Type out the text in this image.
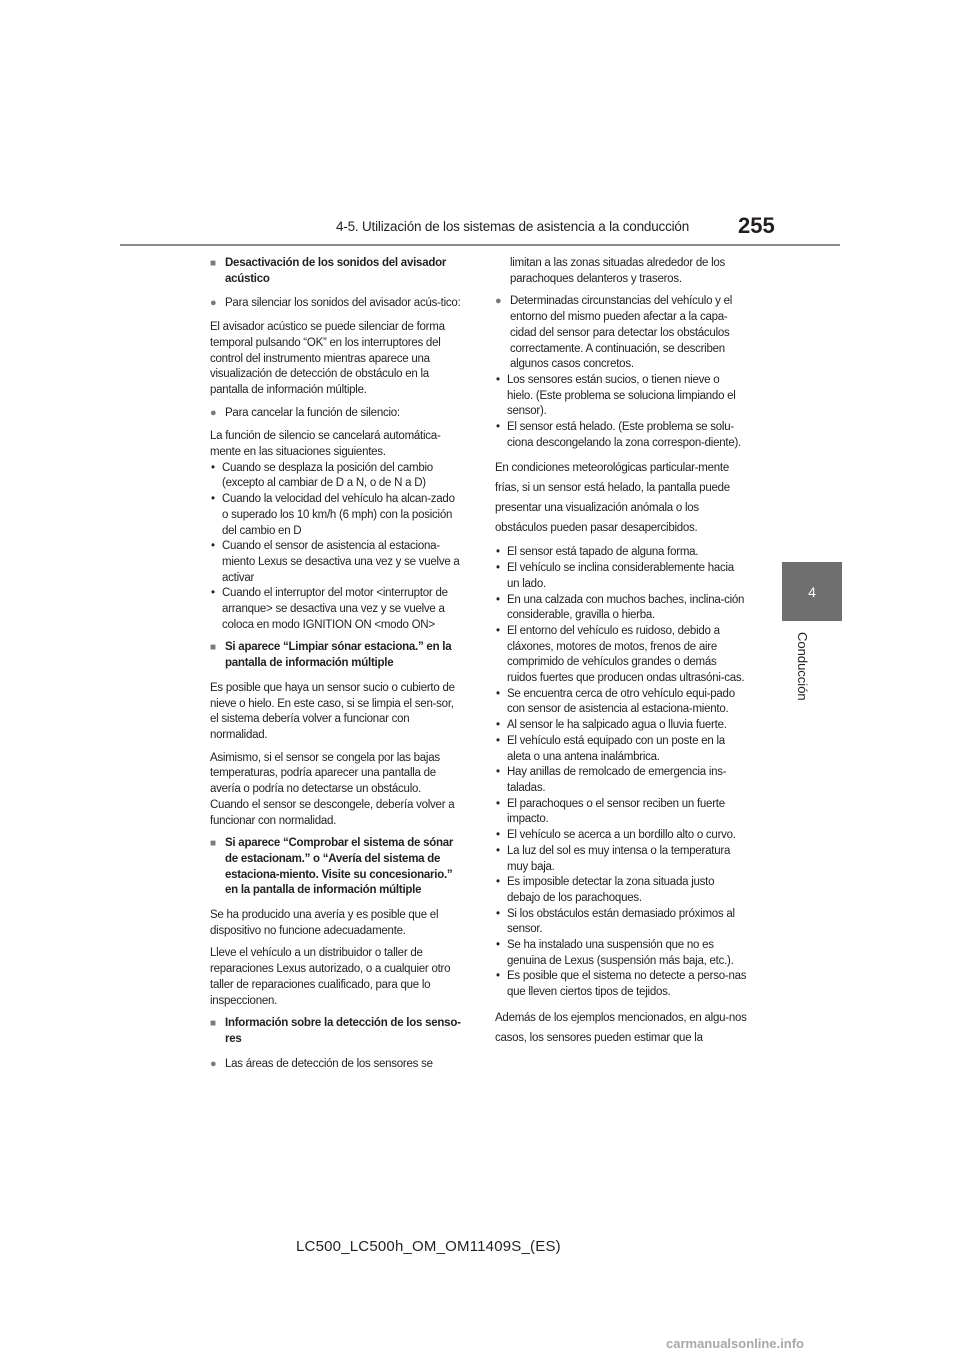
4-5. Utilización de los sistemas de asistencia a la conducción	255
4
Conducción
■ Desactivación de los sonidos del avisador acústico
● Para silenciar los sonidos del avisador acús-tico:

El avisador acústico se puede silenciar de forma temporal pulsando “OK” en los interruptores del control del instrumento mientras aparece una visualización de detección de obstáculo en la pantalla de información múltiple.

● Para cancelar la función de silencio:

La función de silencio se cancelará automática-mente en las situaciones siguientes.

• Cuando se desplaza la posición del cambio (excepto al cambiar de D a N, o de N a D)
• Cuando la velocidad del vehículo ha alcan-zado o superado los 10 km/h (6 mph) con la posición del cambio en D
• Cuando el sensor de asistencia al estaciona-miento Lexus se desactiva una vez y se vuelve a activar
• Cuando el interruptor del motor <interruptor de arranque> se desactiva una vez y se vuelve a coloca en modo IGNITION ON <modo ON>
■ Si aparece “Limpiar sónar estaciona.” en la pantalla de información múltiple

Es posible que haya un sensor sucio o cubierto de nieve o hielo. En este caso, si se limpia el sen-sor, el sistema debería volver a funcionar con normalidad.

Asimismo, si el sensor se congela por las bajas temperaturas, podría aparecer una pantalla de avería o podría no detectarse un obstáculo. Cuando el sensor se descongele, debería volver a funcionar con normalidad.

■ Si aparece “Comprobar el sistema de sónar de estacionam.” o “Avería del sistema de estaciona-miento. Visite su concesionario.” en la pantalla de información múltiple

Se ha producido una avería y es posible que el dispositivo no funcione adecuadamente.

Lleve el vehículo a un distribuidor o taller de reparaciones Lexus autorizado, o a cualquier otro taller de reparaciones cualificado, para que lo inspeccionen.

■ Información sobre la detección de los senso-res
● Las áreas de detección de los sensores se

limitan a las zonas situadas alrededor de los parachoques delanteros y traseros.

● Determinadas circunstancias del vehículo y el entorno del mismo pueden afectar a la capa-cidad del sensor para detectar los obstáculos correctamente. A continuación, se describen algunos casos concretos.
• Los sensores están sucios, o tienen nieve o hielo. (Este problema se soluciona limpiando el sensor).
• El sensor está helado. (Este problema se solu-ciona descongelando la zona correspon-diente).

En condiciones meteorológicas particular-mente frías, si un sensor está helado, la pantalla puede presentar una visualización anómala o los obstáculos pueden pasar desapercibidos.

• El sensor está tapado de alguna forma.
• El vehículo se inclina considerablemente hacia un lado.
• En una calzada con muchos baches, inclina-ción considerable, gravilla o hierba.
• El entorno del vehículo es ruidoso, debido a cláxones, motores de motos, frenos de aire comprimido de vehículos grandes o demás ruidos fuertes que producen ondas ultrasóni-cas.
• Se encuentra cerca de otro vehículo equi-pado con sensor de asistencia al estaciona-miento.
• Al sensor le ha salpicado agua o lluvia fuerte.
• El vehículo está equipado con un poste en la aleta o una antena inalámbrica.
• Hay anillas de remolcado de emergencia ins-taladas.
• El parachoques o el sensor reciben un fuerte impacto.
• El vehículo se acerca a un bordillo alto o curvo.
• La luz del sol es muy intensa o la temperatura muy baja.
• Es imposible detectar la zona situada justo debajo de los parachoques.
• Si los obstáculos están demasiado próximos al sensor.
• Se ha instalado una suspensión que no es genuina de Lexus (suspensión más baja, etc.).
• Es posible que el sistema no detecte a perso-nas que lleven ciertos tipos de tejidos.

Además de los ejemplos mencionados, en algu-nos casos, los sensores pueden estimar que la

LC500_LC500h_OM_OM11409S_(ES)
carmanualsonline.info
